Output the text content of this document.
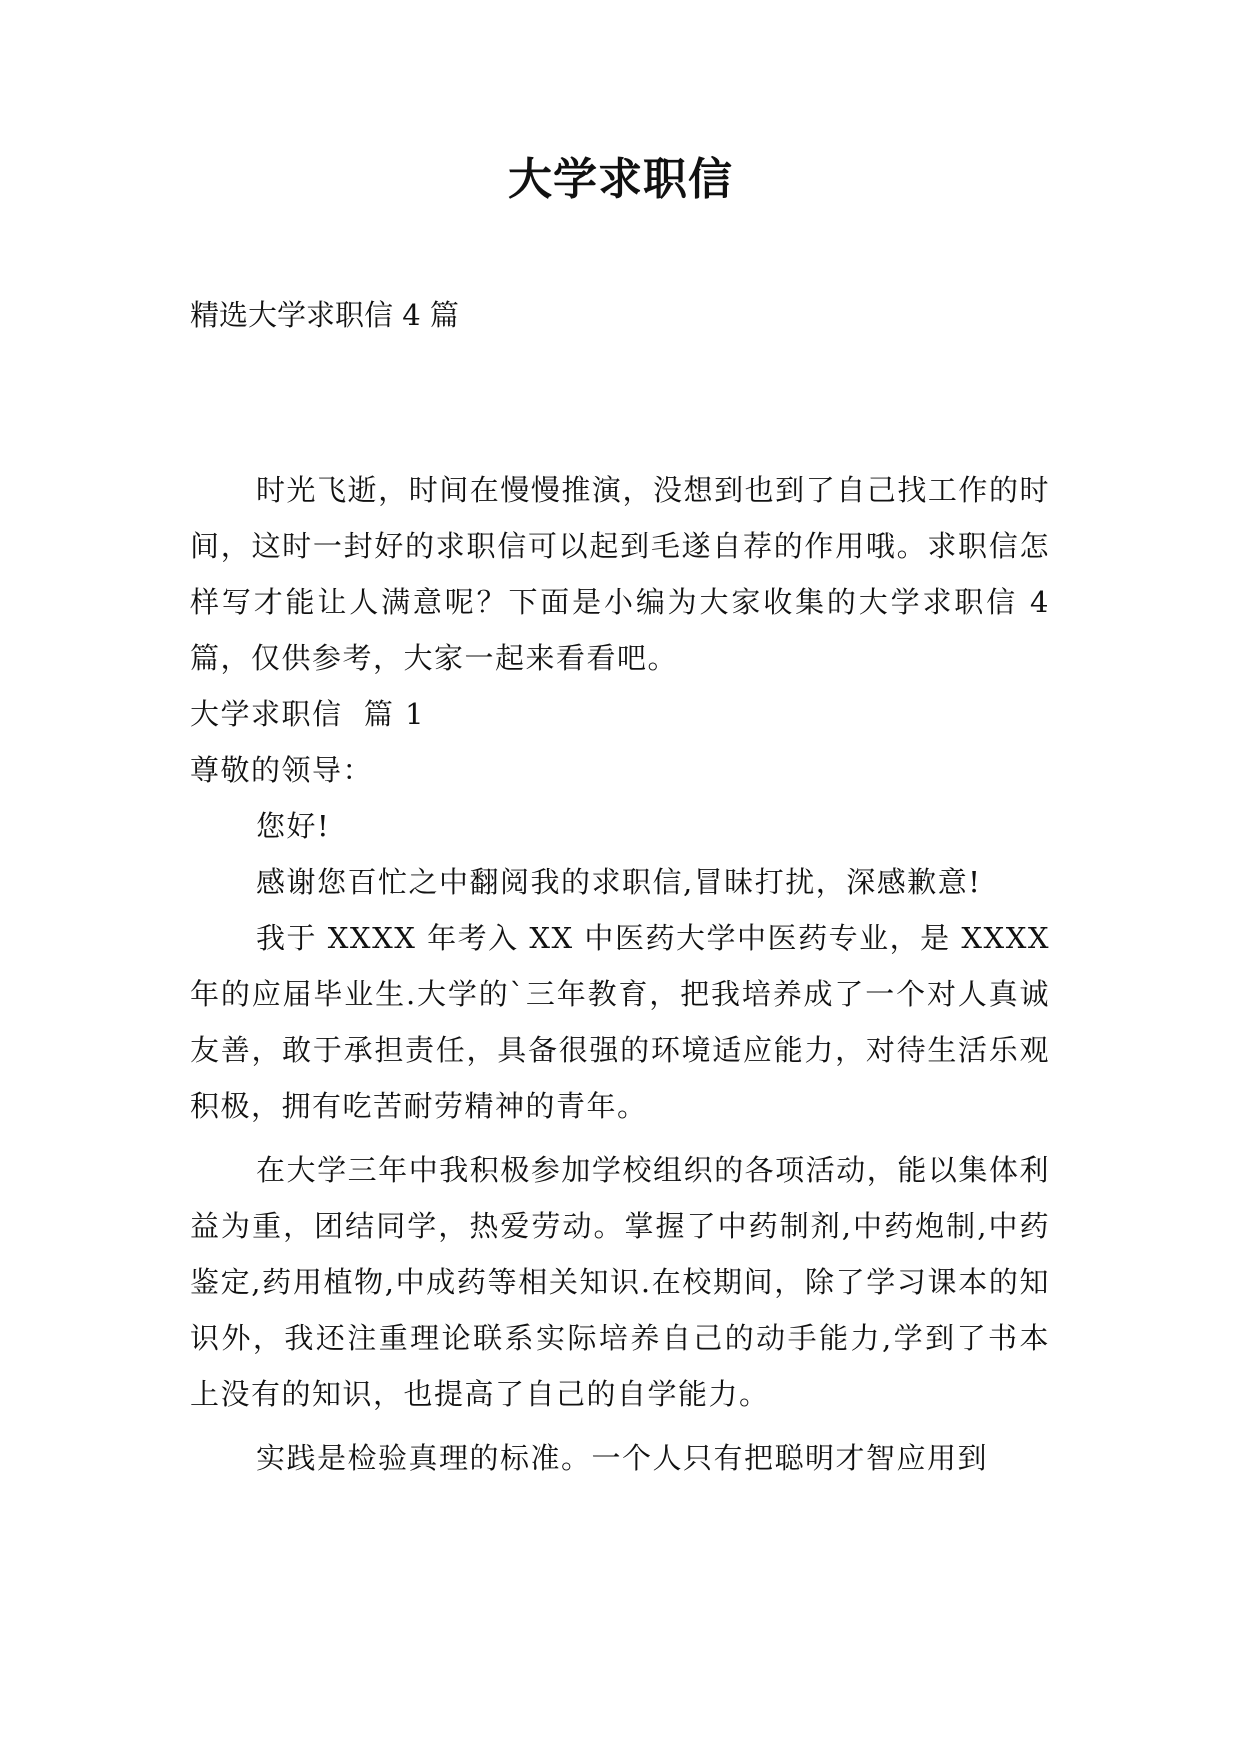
大学求职信
精选大学求职信 4 篇

时光飞逝，时间在慢慢推演，没想到也到了自己找工作的时间，这时一封好的求职信可以起到毛遂自荐的作用哦。求职信怎样写才能让人满意呢？下面是小编为大家收集的大学求职信 4 篇，仅供参考，大家一起来看看吧。

大学求职信  篇 1

尊敬的领导：

您好!

感谢您百忙之中翻阅我的求职信,冒昧打扰，深感歉意!

我于 XXXX 年考入 XX 中医药大学中医药专业，是 XXXX 年的应届毕业生.大学的`三年教育，把我培养成了一个对人真诚友善，敢于承担责任，具备很强的环境适应能力，对待生活乐观积极，拥有吃苦耐劳精神的青年。

在大学三年中我积极参加学校组织的各项活动，能以集体利益为重，团结同学，热爱劳动。掌握了中药制剂,中药炮制,中药鉴定,药用植物,中成药等相关知识.在校期间，除了学习课本的知识外，我还注重理论联系实际培养自己的动手能力,学到了书本上没有的知识，也提高了自己的自学能力。

实践是检验真理的标准。一个人只有把聪明才智应用到
